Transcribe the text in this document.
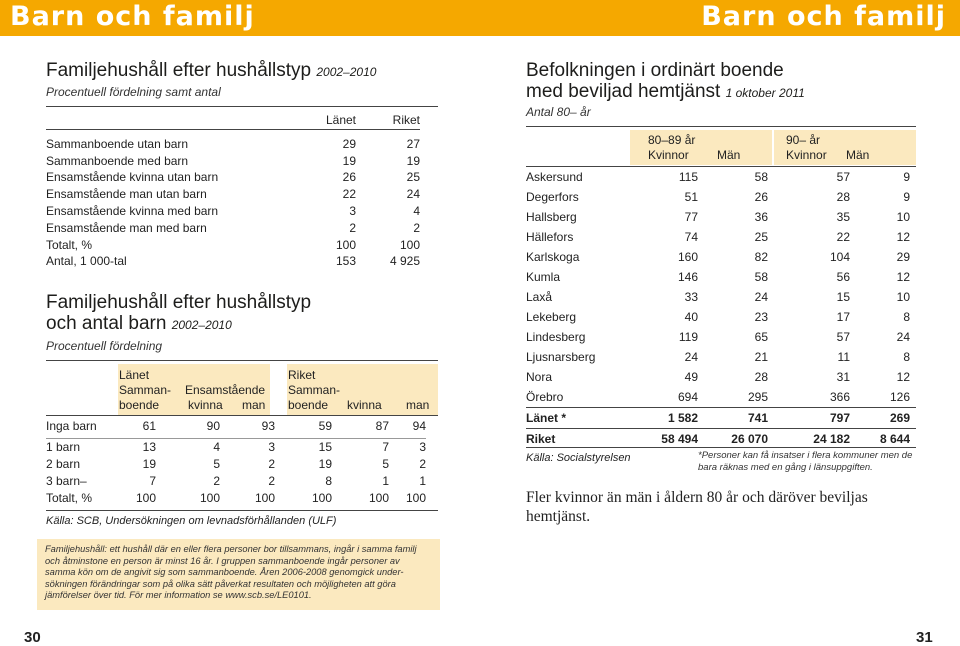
Barn och familj	Barn och familj
Familjehushåll efter hushållstyp 2002–2010
Procentuell fördelning samt antal
	Länet	Riket

Sammanboende utan barn	29	27
Sammanboende med barn	19	19
Ensamstående kvinna utan barn	26	25
Ensamstående man utan barn	22	24
Ensamstående kvinna med barn	3	4
Ensamstående man med barn	2	2
Totalt, %	100	100
Antal, 1 000-tal	153	4 925
Familjehushåll efter hushållstyp
och antal barn 2002–2010
Procentuell fördelning
Länet
Samman-
boende
Ensamstående
kvinna man
Riket
Samman-
boende	kvinna man
Inga barn	61	90	93	59	87	94

1 barn	13	4	3	15	7	3
2 barn	19	5	2	19	5	2
3 barn–	7	2	2	8	1	1
Totalt, %	100	100	100	100	100	100
Källa: SCB, Undersökningen om levnadsförhållanden (ULF)
Familjehushåll: ett hushåll där en eller flera personer bor tillsammans, ingår i samma familj
och åtminstone en person är minst 16 år. I gruppen sammanboende ingår personer av
samma kön om de angivit sig som sammanboende. Åren 2006-2008 genomgick under-
sökningen förändringar som på olika sätt påverkat resultaten och möjligheten att göra
jämförelser över tid. För mer information se www.scb.se/LE0101.
30	31
Befolkningen i ordinärt boende
med beviljad hemtjänst 1 oktober 2011
Antal 80– år
80–89 år
Kvinnor Män
90– år
Kvinnor Män
Askersund	115	58	57	9
Degerfors	51	26	28	9
Hallsberg	77	36	35	10
Hällefors	74	25	22	12
Karlskoga	160	82	104	29
Kumla	146	58	56	12
Laxå	33	24	15	10
Lekeberg	40	23	17	8
Lindesberg	119	65	57	24
Ljusnarsberg	24	21	11	8
Nora	49	28	31	12
Örebro	694	295	366	126
Länet *	1 582	741	797	269
Riket	58 494	26 070	24 182	8 644
Källa: Socialstyrelsen	*Personer kan få insatser i flera kommuner men de
bara räknas med en gång i länsuppgiften.
Fler kvinnor än män i åldern 80 år och däröver beviljas
hemtjänst.
